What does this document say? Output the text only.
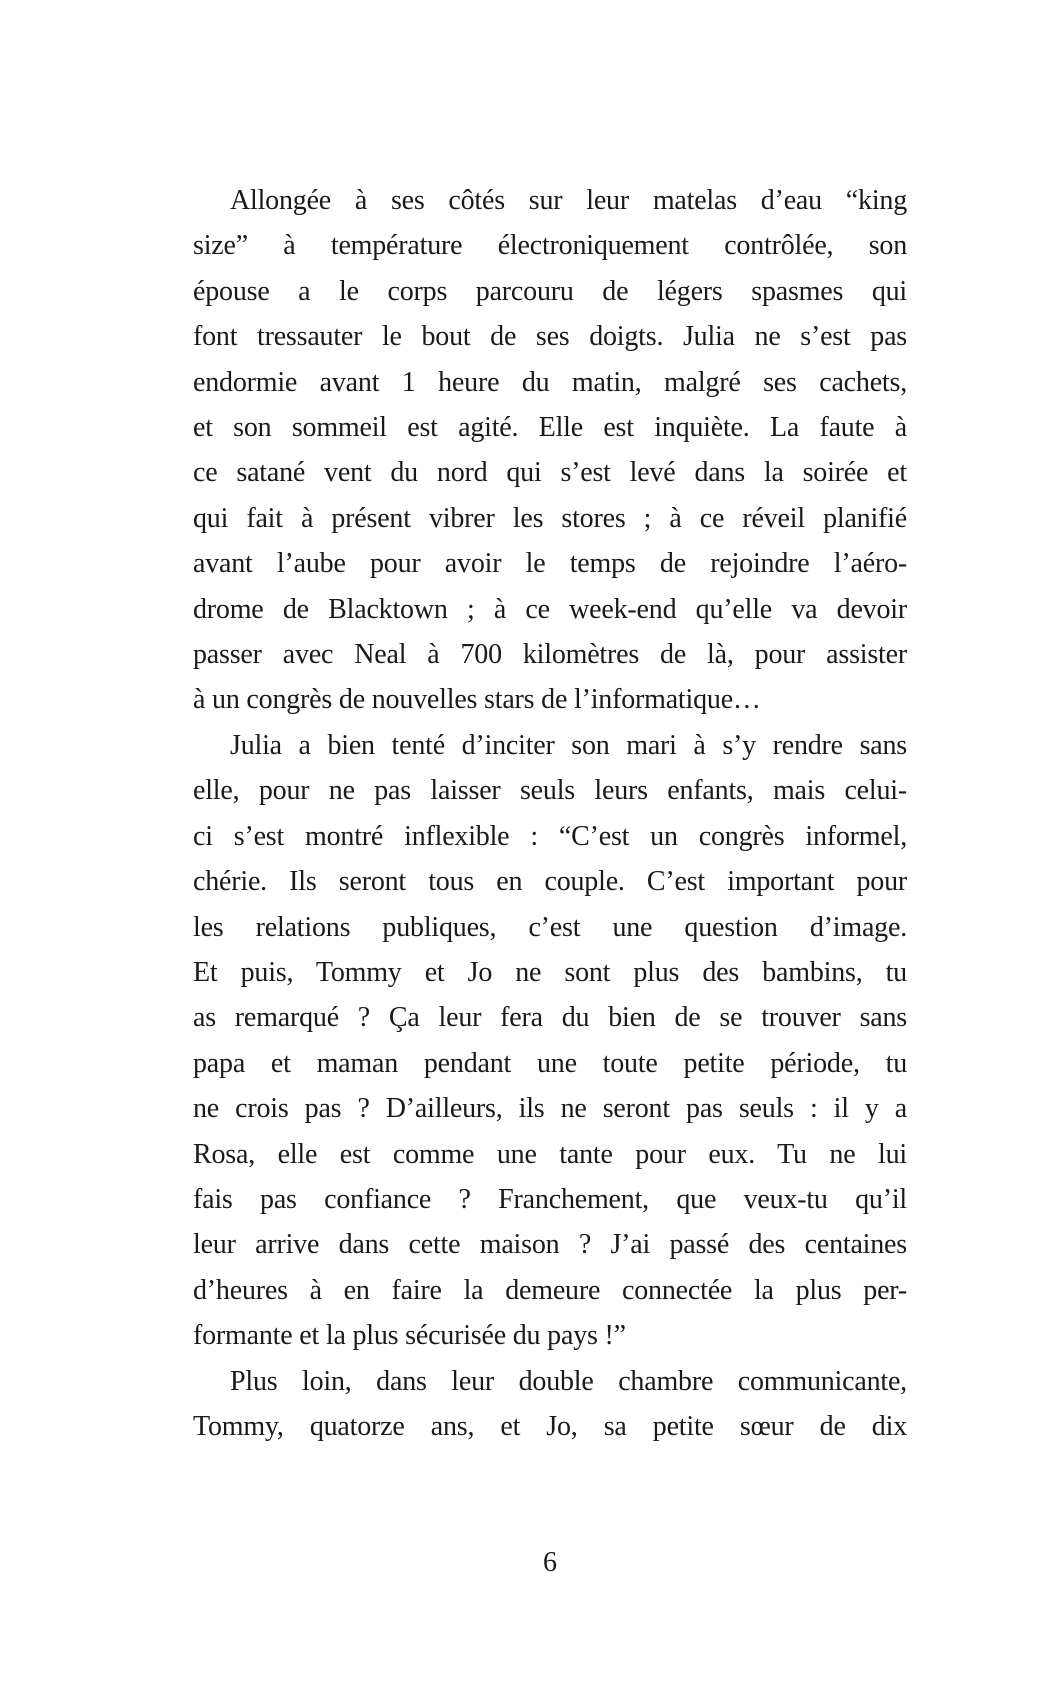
Allongée à ses côtés sur leur matelas d’eau “king
size” à température électroniquement contrôlée, son
épouse a le corps parcouru de légers spasmes qui
font tressauter le bout de ses doigts. Julia ne s’est pas
endormie avant 1 heure du matin, malgré ses cachets,
et son sommeil est agité. Elle est inquiète. La faute à
ce satané vent du nord qui s’est levé dans la soirée et
qui fait à présent vibrer les stores ; à ce réveil planifié
avant l’aube pour avoir le temps de rejoindre l’aéro-
drome de Blacktown ; à ce week-end qu’elle va devoir
passer avec Neal à 700 kilomètres de là, pour assister
à un congrès de nouvelles stars de l’informatique…
Julia a bien tenté d’inciter son mari à s’y rendre sans
elle, pour ne pas laisser seuls leurs enfants, mais celui-
ci s’est montré inflexible : “C’est un congrès informel,
chérie. Ils seront tous en couple. C’est important pour
les relations publiques, c’est une question d’image.
Et puis, Tommy et Jo ne sont plus des bambins, tu
as remarqué ? Ça leur fera du bien de se trouver sans
papa et maman pendant une toute petite période, tu
ne crois pas ? D’ailleurs, ils ne seront pas seuls : il y a
Rosa, elle est comme une tante pour eux. Tu ne lui
fais pas confiance ? Franchement, que veux-tu qu’il
leur arrive dans cette maison ? J’ai passé des centaines
d’heures à en faire la demeure connectée la plus per-
formante et la plus sécurisée du pays !”
Plus loin, dans leur double chambre communicante,
Tommy, quatorze ans, et Jo, sa petite sœur de dix
6
